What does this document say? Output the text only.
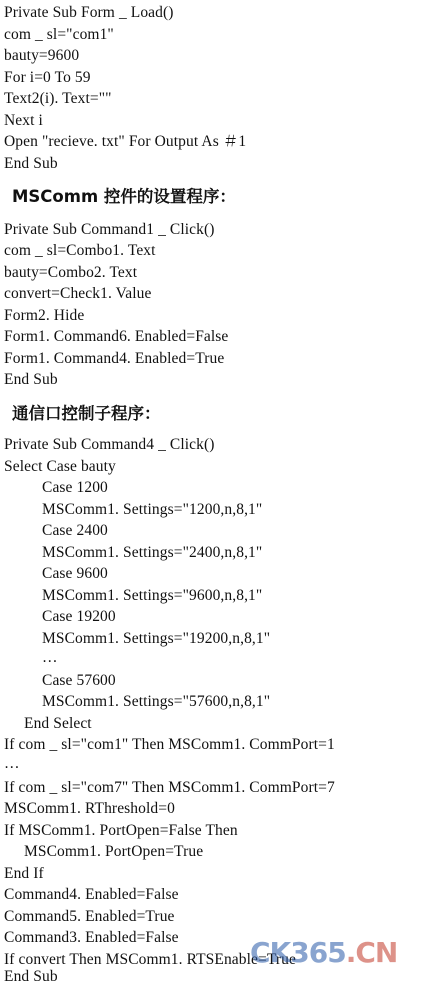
Private Sub Form _ Load()
com _ sl="com1"
bauty=9600
For i=0 To 59
Text2(i). Text=""
Next i
Open "recieve. txt" For Output As ＃1
End Sub
MSComm 控件的设置程序：
Private Sub Command1 _ Click()
com _ sl=Combo1. Text
bauty=Combo2. Text
convert=Check1. Value
Form2. Hide
Form1. Command6. Enabled=False
Form1. Command4. Enabled=True
End Sub
通信口控制子程序：
Private Sub Command4 _ Click()
Select Case bauty
Case 1200
MSComm1. Settings="1200,n,8,1"
Case 2400
MSComm1. Settings="2400,n,8,1"
Case 9600
MSComm1. Settings="9600,n,8,1"
Case 19200
MSComm1. Settings="19200,n,8,1"
…
Case 57600
MSComm1. Settings="57600,n,8,1"
End Select
If com _ sl="com1" Then MSComm1. CommPort=1
…
If com _ sl="com7" Then MSComm1. CommPort=7
MSComm1. RThreshold=0
If MSComm1. PortOpen=False Then
MSComm1. PortOpen=True
End If
Command4. Enabled=False
Command5. Enabled=True
Command3. Enabled=False
If convert Then MSComm1. RTSEnable=True
End Sub
CK365.CN
